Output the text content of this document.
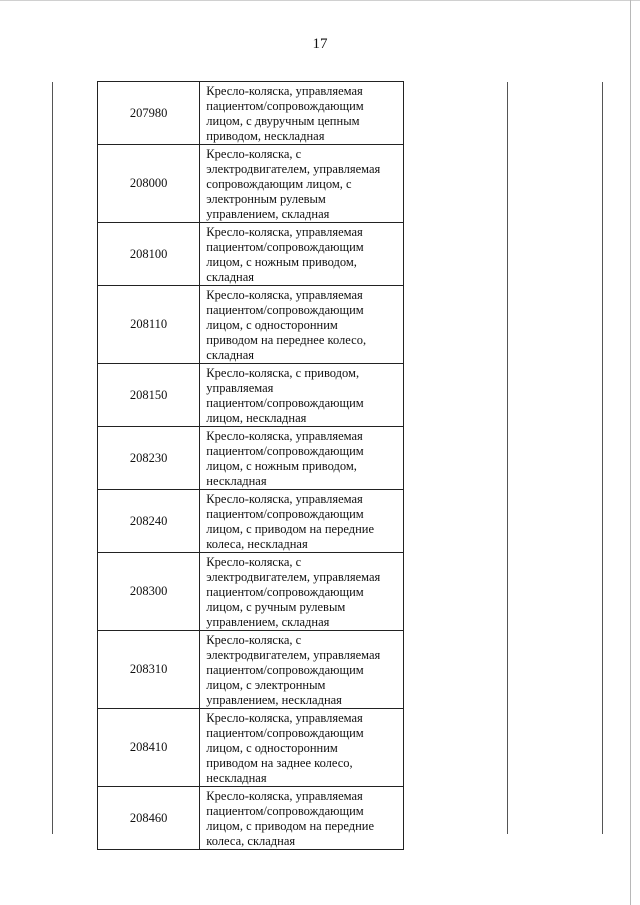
17
207980	Кресло-коляска, управляемая
пациентом/сопровождающим
лицом, с двуручным цепным
приводом, нескладная

208000	Кресло-коляска, с
электродвигателем, управляемая
сопровождающим лицом, с
электронным рулевым
управлением, складная

208100	Кресло-коляска, управляемая
пациентом/сопровождающим
лицом, с ножным приводом,
складная

208110	Кресло-коляска, управляемая
пациентом/сопровождающим
лицом, с односторонним
приводом на переднее колесо,
складная

208150	Кресло-коляска, с приводом,
управляемая
пациентом/сопровождающим
лицом, нескладная

208230	Кресло-коляска, управляемая
пациентом/сопровождающим
лицом, с ножным приводом,
нескладная

208240	Кресло-коляска, управляемая
пациентом/сопровождающим
лицом, с приводом на передние
колеса, нескладная

208300	Кресло-коляска, с
электродвигателем, управляемая
пациентом/сопровождающим
лицом, с ручным рулевым
управлением, складная

208310	Кресло-коляска, с
электродвигателем, управляемая
пациентом/сопровождающим
лицом, с электронным
управлением, нескладная

208410	Кресло-коляска, управляемая
пациентом/сопровождающим
лицом, с односторонним
приводом на заднее колесо,
нескладная

208460	Кресло-коляска, управляемая
пациентом/сопровождающим
лицом, с приводом на передние
колеса, складная
